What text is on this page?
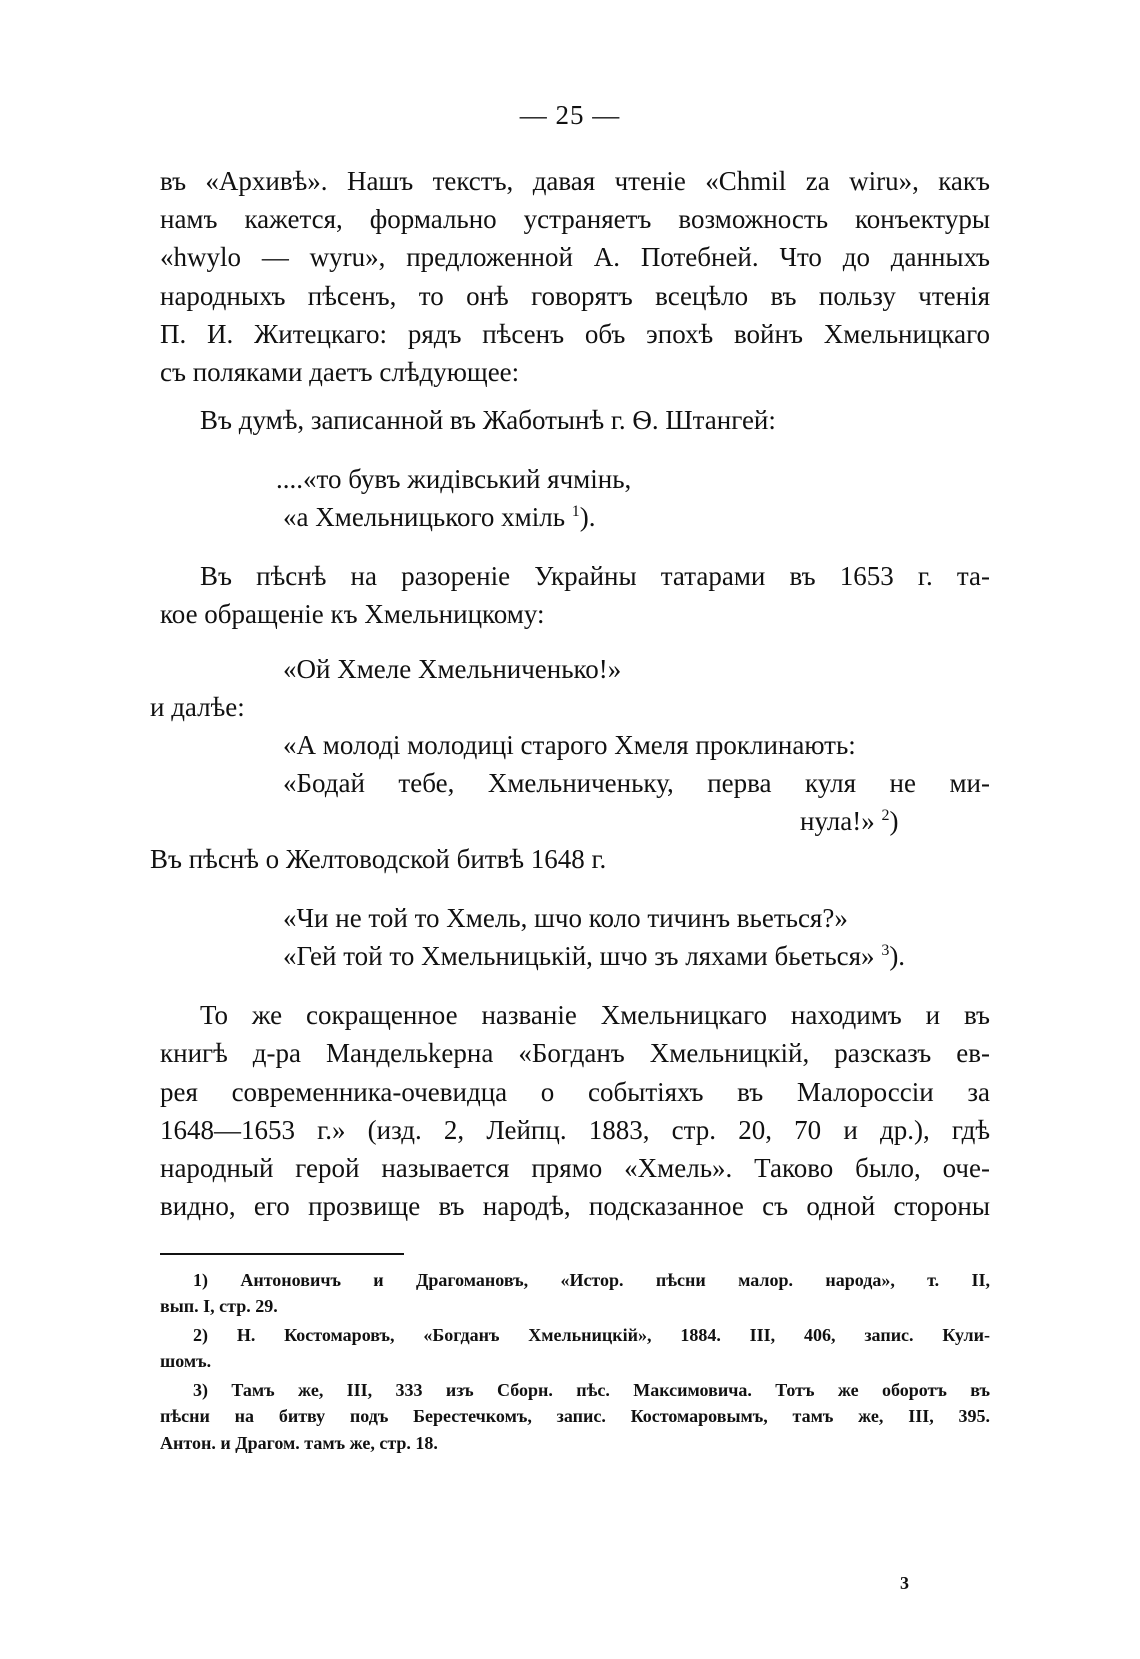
— 25 —
въ «Архивѣ». Нашъ текстъ, давая чтеніе «Chmil za wiru», какъ
намъ кажется, формально устраняетъ возможность конъектуры
«hwylo — wyru», предложенной А. Потебней. Что до данныхъ
народныхъ пѣсенъ, то онѣ говорятъ всецѣло въ пользу чтенія
П. И. Житецкаго: рядъ пѣсенъ объ эпохѣ войнъ Хмельницкаго
съ поляками даетъ слѣдующее:
Въ думѣ, записанной въ Жаботынѣ г. Ѳ. Штангей:
....«то бувъ жидівський ячмінь,
«а Хмельницького хміль $^1$).
Въ пѣснѣ на разореніе Украйны татарами въ 1653 г. та-
кое обращеніе къ Хмельницкому:
«Ой Хмеле Хмельниченько!»
и далѣе:
«А молоді молодиці старого Хмеля проклинають:
«Бодай тебе, Хмельниченьку, перва куля не ми-
нула!» $^2$)
Въ пѣснѣ о Желтоводской битвѣ 1648 г.
«Чи не той то Хмель, шчо коло тичинъ вьеться?»
«Гей той то Хмельницькій, шчо зъ ляхами бьеться» $^3$).
То же сокращенное названіе Хмельницкаго находимъ и въ
книгѣ д-ра Мандельkерна «Богданъ Хмельницкій, разсказъ ев-
рея современника-очевидца о событіяхъ въ Малороссіи за
1648—1653 г.» (изд. 2, Лейпц. 1883, стр. 20, 70 и др.), гдѣ
народный герой называется прямо «Хмель». Таково было, оче-
видно, его прозвище въ народѣ, подсказанное съ одной стороны
1) Антоновичъ и Драгомановъ, «Истор. пѣсни малор. народа», т. II,
вып. I, стр. 29.
2) Н. Костомаровъ, «Богданъ Хмельницкій», 1884. III, 406, запис. Кули-
шомъ.
3) Тамъ же, III, 333 изъ Сборн. пѣс. Максимовича. Тотъ же оборотъ въ
пѣсни на битву подъ Берестечкомъ, запис. Костомаровымъ, тамъ же, III, 395.
Антон. и Драгом. тамъ же, стр. 18.
3
